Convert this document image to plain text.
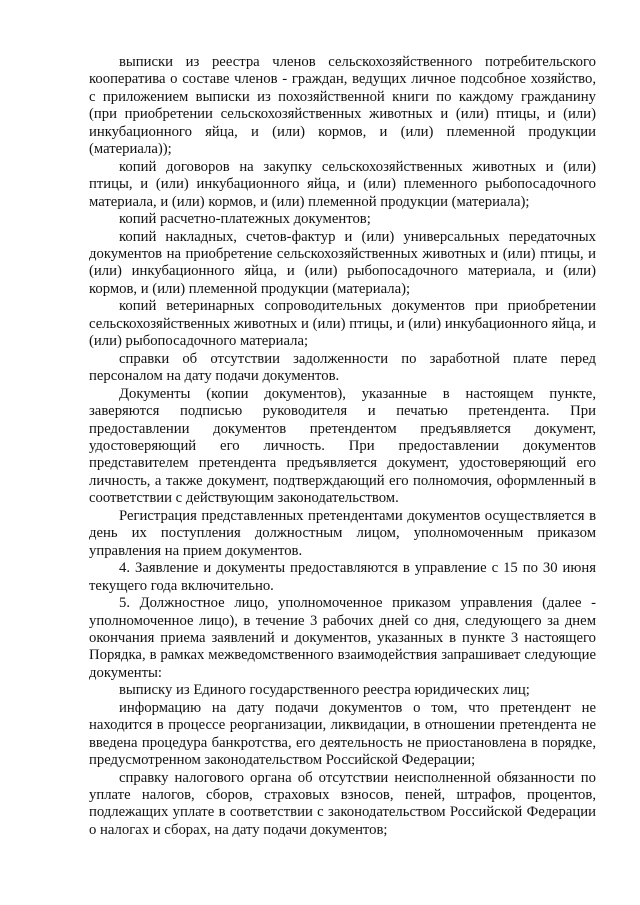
выписки из реестра членов сельскохозяйственного потребительского кооператива о составе членов - граждан, ведущих личное подсобное хозяйство, с приложением выписки из похозяйственной книги по каждому гражданину (при приобретении сельскохозяйственных животных и (или) птицы, и (или) инкубационного яйца, и (или) кормов, и (или) племенной продукции (материала));

копий договоров на закупку сельскохозяйственных животных и (или) птицы, и (или) инкубационного яйца, и (или) племенного рыбопосадочного материала, и (или) кормов, и (или) племенной продукции (материала);

копий расчетно-платежных документов;

копий накладных, счетов-фактур и (или) универсальных передаточных документов на приобретение сельскохозяйственных животных и (или) птицы, и (или) инкубационного яйца, и (или) рыбопосадочного материала, и (или) кормов, и (или) племенной продукции (материала);

копий ветеринарных сопроводительных документов при приобретении сельскохозяйственных животных и (или) птицы, и (или) инкубационного яйца, и (или) рыбопосадочного материала;

справки об отсутствии задолженности по заработной плате перед персоналом на дату подачи документов.

Документы (копии документов), указанные в настоящем пункте, заверяются подписью руководителя и печатью претендента. При предоставлении документов претендентом предъявляется документ, удостоверяющий его личность. При предоставлении документов представителем претендента предъявляется документ, удостоверяющий его личность, а также документ, подтверждающий его полномочия, оформленный в соответствии с действующим законодательством.

Регистрация представленных претендентами документов осуществляется в день их поступления должностным лицом, уполномоченным приказом управления на прием документов.

4. Заявление и документы предоставляются в управление с 15 по 30 июня текущего года включительно.

5. Должностное лицо, уполномоченное приказом управления (далее - уполномоченное лицо), в течение 3 рабочих дней со дня, следующего за днем окончания приема заявлений и документов, указанных в пункте 3 настоящего Порядка, в рамках межведомственного взаимодействия запрашивает следующие документы:

выписку из Единого государственного реестра юридических лиц;

информацию на дату подачи документов о том, что претендент не находится в процессе реорганизации, ликвидации, в отношении претендента не введена процедура банкротства, его деятельность не приостановлена в порядке, предусмотренном законодательством Российской Федерации;

справку налогового органа об отсутствии неисполненной обязанности по уплате налогов, сборов, страховых взносов, пеней, штрафов, процентов, подлежащих уплате в соответствии с законодательством Российской Федерации о налогах и сборах, на дату подачи документов;
